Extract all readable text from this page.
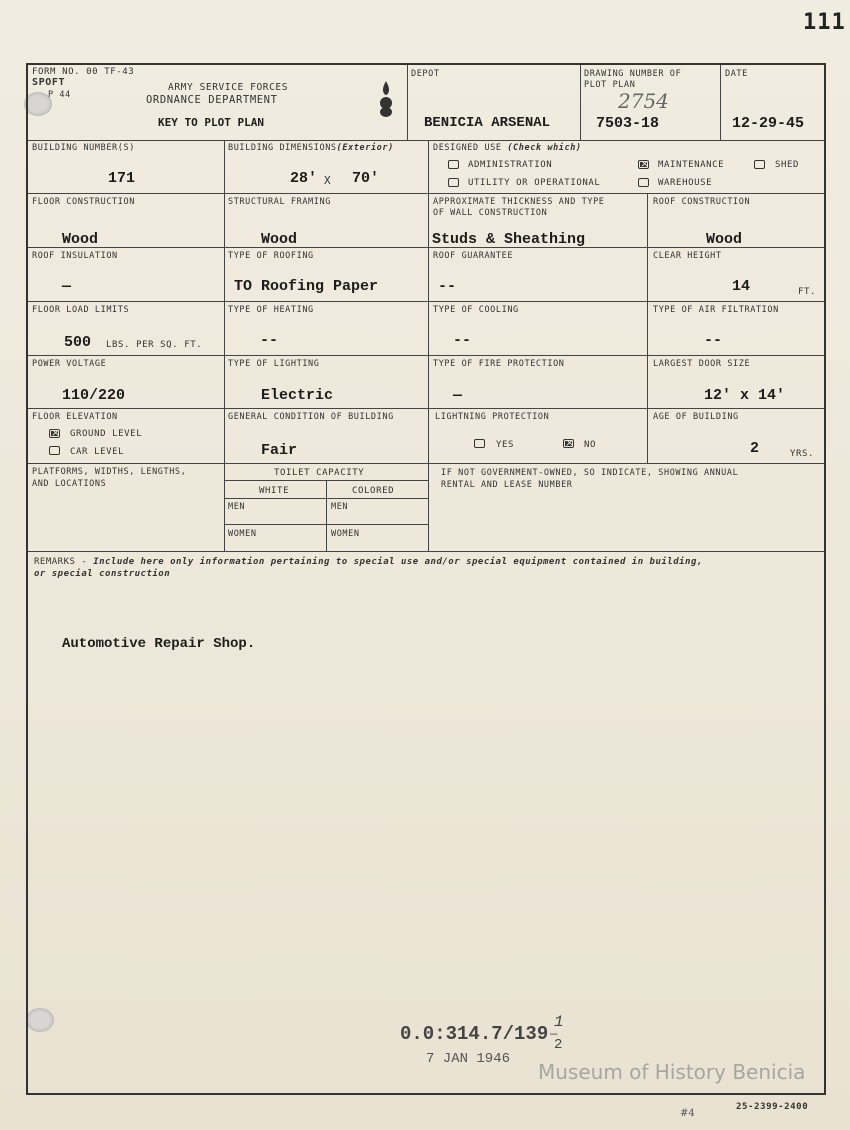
111
FORM NO. 00 TF-43
SPOFT
P 44
ARMY SERVICE FORCES
ORDNANCE DEPARTMENT
KEY TO PLOT PLAN
DEPOT
BENICIA ARSENAL
DRAWING NUMBER OF
PLOT PLAN
2754
7503-18
DATE
12-29-45
BUILDING NUMBER(S)
171
BUILDING DIMENSIONS(Exterior)
28' X 70'
DESIGNED USE (Check which)
ADMINISTRATION ×	MAINTENANCE	SHED
UTILITY OR OPERATIONAL	WAREHOUSE
FLOOR CONSTRUCTION
Wood
STRUCTURAL FRAMING
Wood
APPROXIMATE THICKNESS AND TYPE
OF WALL CONSTRUCTION
Studs & Sheathing
ROOF CONSTRUCTION
Wood
ROOF INSULATION
—
TYPE OF ROOFING
TO Roofing Paper
ROOF GUARANTEE
--
CLEAR HEIGHT
14	FT.
FLOOR LOAD LIMITS
500 LBS. PER SQ. FT.
TYPE OF HEATING
--
TYPE OF COOLING
--
TYPE OF AIR FILTRATION
--
POWER VOLTAGE
110/220
TYPE OF LIGHTING
Electric
TYPE OF FIRE PROTECTION
—
LARGEST DOOR SIZE
12' x 14'
FLOOR ELEVATION
×
GROUND LEVEL
CAR LEVEL
GENERAL CONDITION OF BUILDING
Fair
LIGHTNING PROTECTION
YES ×	NO
AGE OF BUILDING
2	YRS.
PLATFORMS, WIDTHS, LENGTHS,
AND LOCATIONS
TOILET CAPACITY
WHITE	COLORED
MEN	MEN
WOMEN	WOMEN
IF NOT GOVERNMENT-OWNED, SO INDICATE, SHOWING ANNUAL
RENTAL AND LEASE NUMBER
REMARKS - Include here only information pertaining to special use and/or special equipment contained in building,
or special construction
Automotive Repair Shop.
0.0:314.7/139
1
—
2
7 JAN 1946
Museum of History Benicia
#4
25-2399-2400
